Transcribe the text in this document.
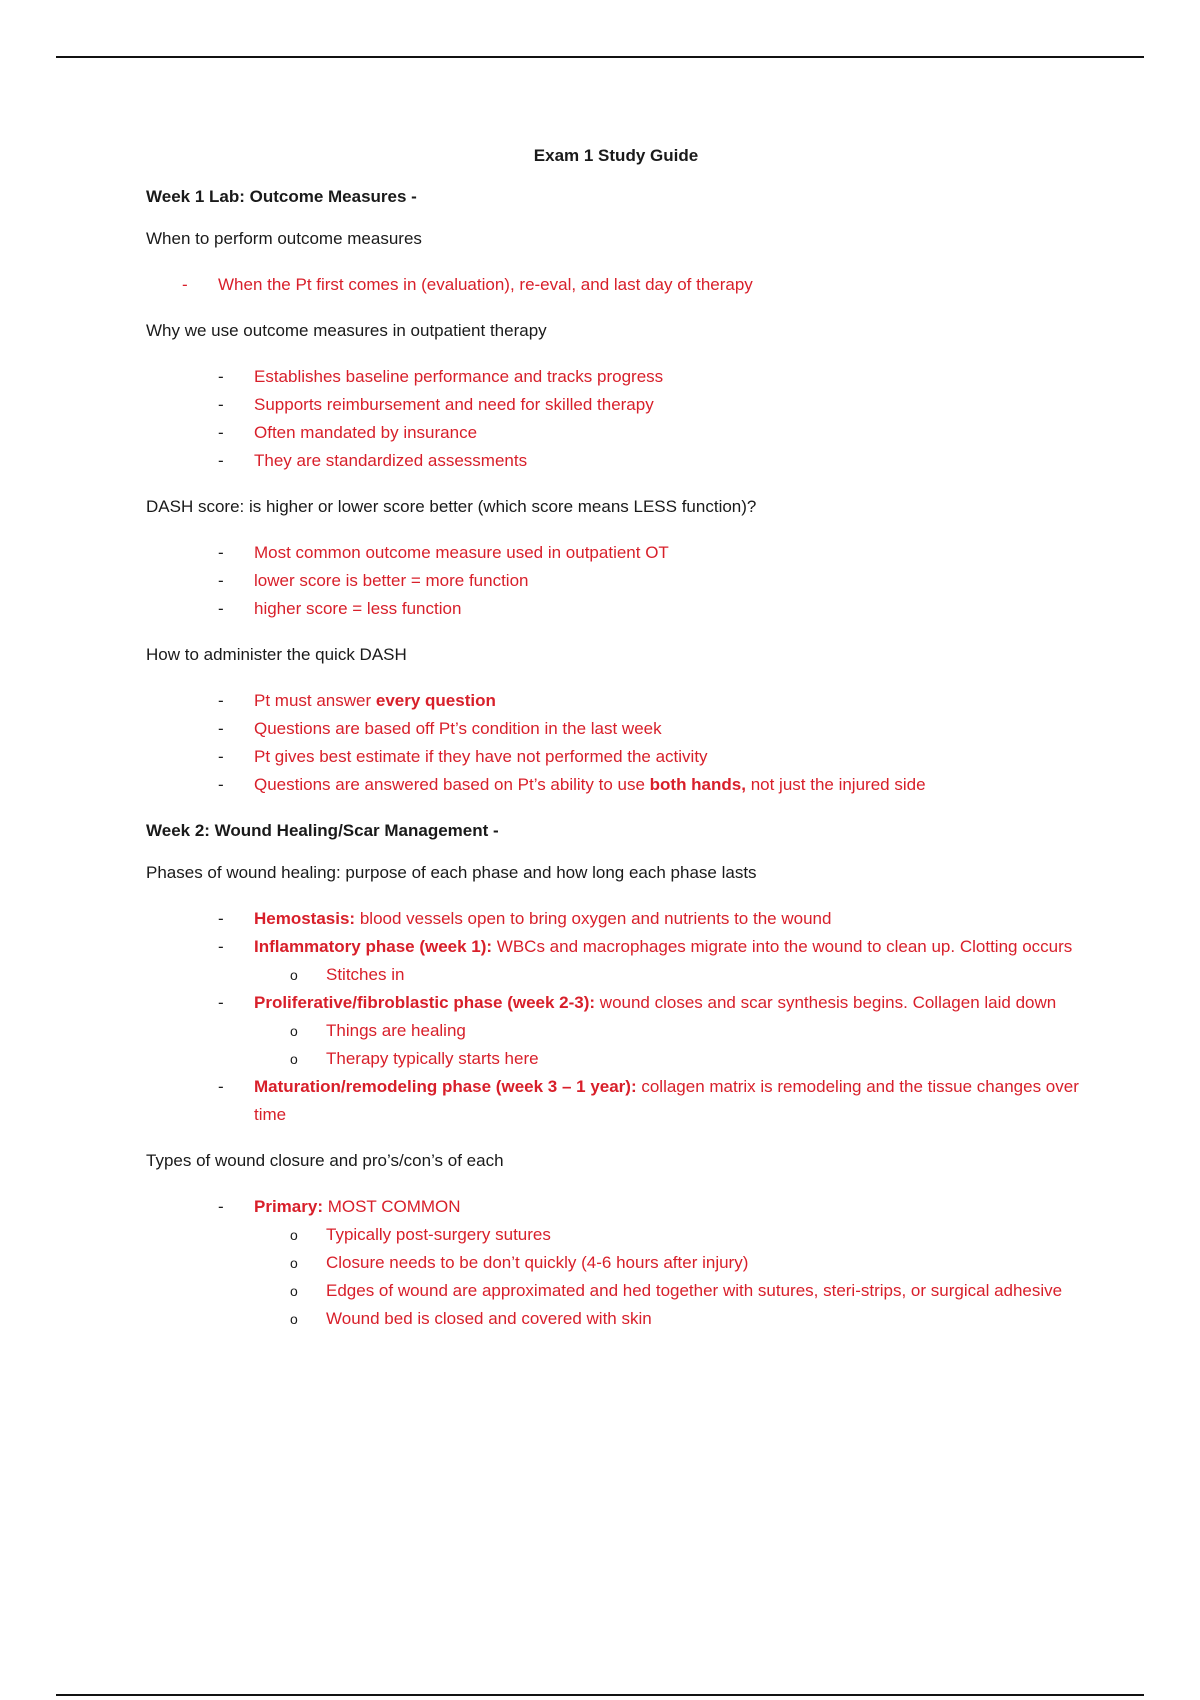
Exam 1 Study Guide
Week 1 Lab: Outcome Measures -
When to perform outcome measures
- When the Pt first comes in (evaluation), re-eval, and last day of therapy
Why we use outcome measures in outpatient therapy
- Establishes baseline performance and tracks progress
- Supports reimbursement and need for skilled therapy
- Often mandated by insurance
- They are standardized assessments
DASH score: is higher or lower score better (which score means LESS function)?
- Most common outcome measure used in outpatient OT
- lower score is better = more function
- higher score = less function
How to administer the quick DASH
- Pt must answer every question
- Questions are based off Pt’s condition in the last week
- Pt gives best estimate if they have not performed the activity
- Questions are answered based on Pt’s ability to use both hands, not just the injured side
Week 2: Wound Healing/Scar Management -
Phases of wound healing: purpose of each phase and how long each phase lasts
- Hemostasis: blood vessels open to bring oxygen and nutrients to the wound
- Inflammatory phase (week 1): WBCs and macrophages migrate into the wound to clean up. Clotting occurs
o Stitches in
- Proliferative/fibroblastic phase (week 2-3): wound closes and scar synthesis begins. Collagen laid down
o Things are healing
o Therapy typically starts here
- Maturation/remodeling phase (week 3 – 1 year): collagen matrix is remodeling and the tissue changes over time
Types of wound closure and pro’s/con’s of each
- Primary: MOST COMMON
o Typically post-surgery sutures
o Closure needs to be don’t quickly (4-6 hours after injury)
o Edges of wound are approximated and hed together with sutures, steri-strips, or surgical adhesive
o Wound bed is closed and covered with skin
